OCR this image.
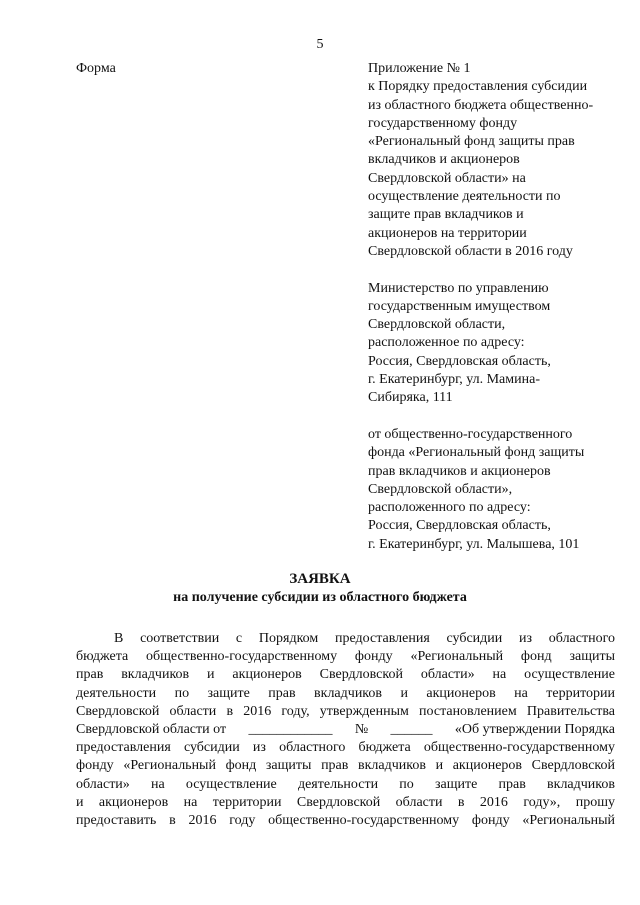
5
Форма	Приложение № 1
к Порядку предоставления субсидии
из областного бюджета общественно-
государственному фонду
«Региональный фонд защиты прав
вкладчиков и акционеров
Свердловской области» на
осуществление деятельности по
защите прав вкладчиков и
акционеров на территории
Свердловской области в 2016 году
Министерство по управлению
государственным имуществом
Свердловской области,
расположенное по адресу:
Россия, Свердловская область,
г. Екатеринбург, ул. Мамина-
Сибиряка, 111
от общественно-государственного
фонда «Региональный фонд защиты
прав вкладчиков и акционеров
Свердловской области»,
расположенного по адресу:
Россия, Свердловская область,
г. Екатеринбург, ул. Малышева, 101
ЗАЯВКА
на получение субсидии из областного бюджета
В соответствии с Порядком предоставления субсидии из областного
бюджета общественно-государственному фонду «Региональный фонд защиты
прав вкладчиков и акционеров Свердловской области» на осуществление
деятельности по защите прав вкладчиков и акционеров на территории
Свердловской области в 2016 году, утвержденным постановлением Правительства
Свердловской области от ____________ № ______ «Об утверждении Порядка
предоставления субсидии из областного бюджета общественно-государственному
фонду «Региональный фонд защиты прав вкладчиков и акционеров Свердловской
области» на осуществление деятельности по защите прав вкладчиков
и акционеров на территории Свердловской области в 2016 году», прошу
предоставить в 2016 году общественно-государственному фонду «Региональный
